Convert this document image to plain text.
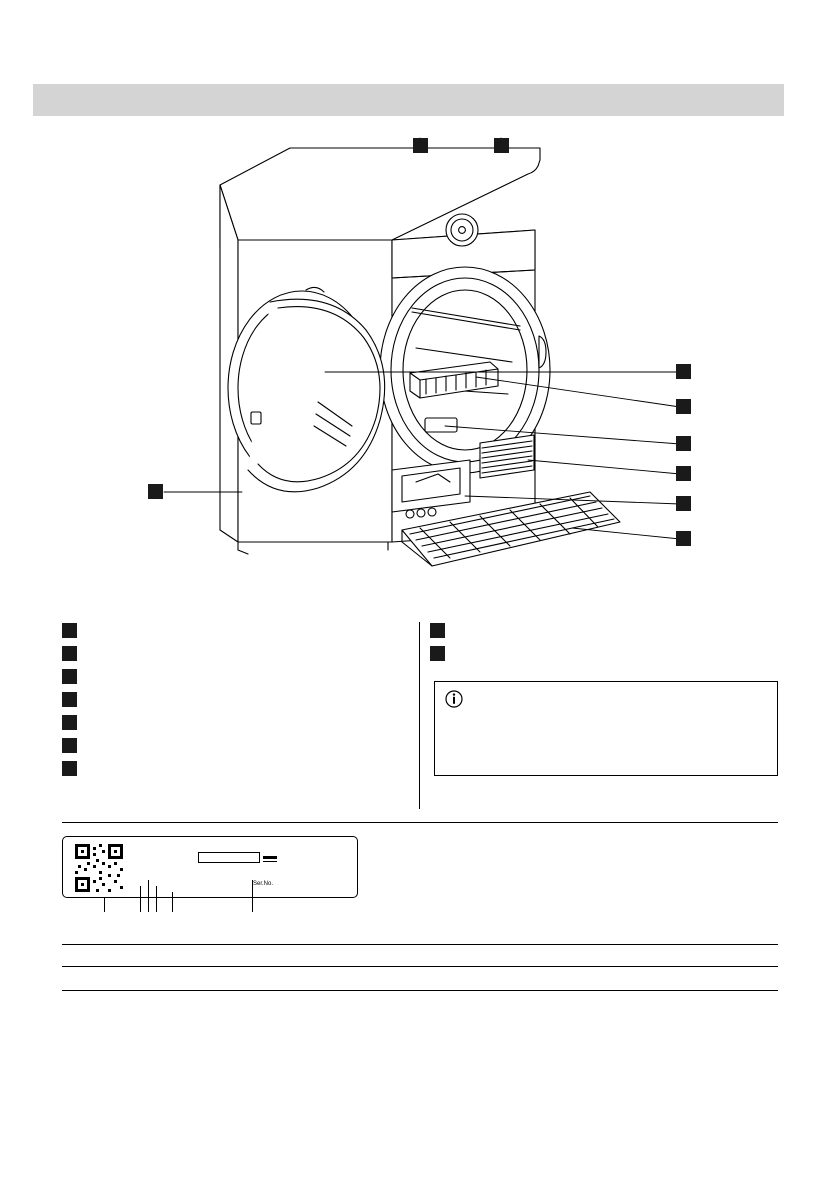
Ser.No.
